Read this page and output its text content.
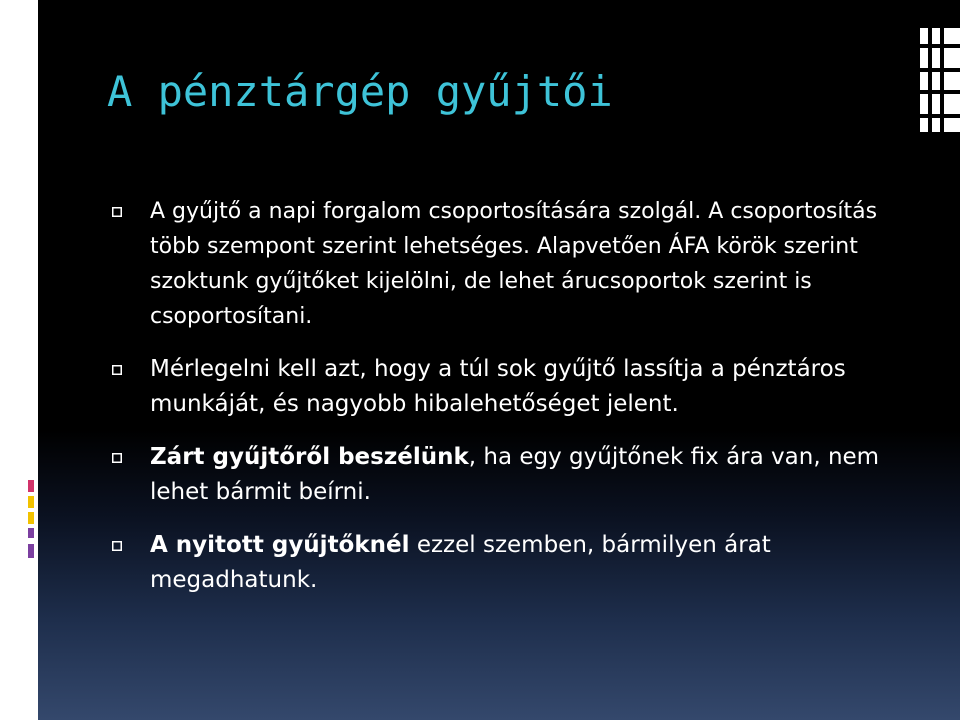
A pénztárgép gyűjtői
A gyűjtő a napi forgalom csoportosítására szolgál. A csoportosítás több szempont szerint lehetséges. Alapvetően ÁFA körök szerint szoktunk gyűjtőket kijelölni, de lehet árucsoportok szerint is csoportosítani.
Mérlegelni kell azt, hogy a túl sok gyűjtő lassítja a pénztáros munkáját, és nagyobb hibalehetőséget jelent.
Zárt gyűjtőről beszélünk, ha egy gyűjtőnek fix ára van, nem lehet bármit beírni.
A nyitott gyűjtőknél ezzel szemben, bármilyen árat megadhatunk.
